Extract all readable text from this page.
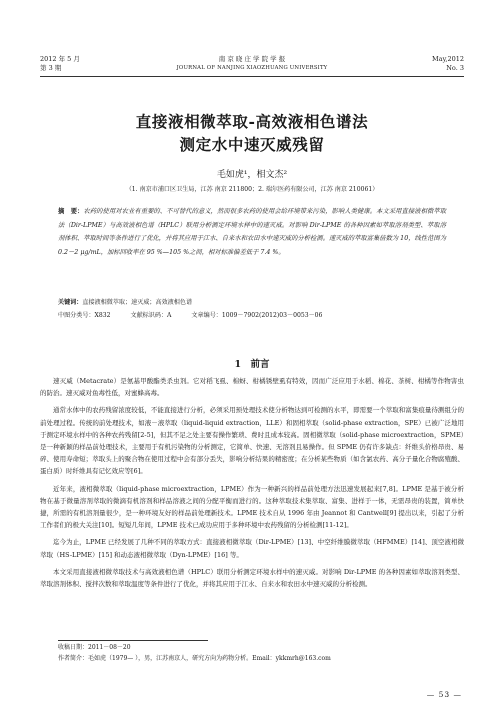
2012 年 5 月
第 3 期
南 京 晓 庄 学 院 学 报
JOURNAL OF NANJING XIAOZHUANG UNIVERSITY
May,2012
No. 3
直接液相微萃取-高效液相色谱法
测定水中速灭威残留
毛如虎¹，相文杰²
（1. 南京市浦口区卫生局，江苏 南京 211800；2. 瑞尔医药有限公司，江苏 南京 210061）
摘　要：农药的使用对农业有重要的、不可替代的意义，然而很多农药的使用会给环境带来污染，影响人类健康。本文采用直接液相微萃取法（Dir-LPME）与高效液相色谱（HPLC）联用分析测定环境水样中的速灭威。对影响 Dir-LPME 的各种因素如萃取溶剂类型、萃取溶剂体积、萃取时间等条件进行了优化，并将其应用于江水、自来水和农田水中速灭威的分析检测。速灭威的萃取富集倍数为 10，线性范围为 0.2－2 μg/mL，加标回收率在 95 %—105 %之间，相对标准偏差低于 7.4 %。
关键词：直接液相微萃取；速灭威；高效液相色谱
中图分类号：X832	文献标识码：A	文章编号：1009－7902(2012)03－0053－06
1　前言

速灭威（Metacrate）是氨基甲酸酯类杀虫剂。它对稻飞虱、棉蚜、柑橘锈壁虱有特效，因而广泛应用于水稻、棉花、茶树、柑橘等作物害虫的防治。速灭威对鱼毒性低，对蜜蜂高毒。

通常水体中的农药残留浓度较低，不能直接进行分析，必须采用预处理技术使分析物达到可检测的水平，即需要一个萃取和富集痕量待测组分的前处理过程。传统的前处理技术，如液－液萃取（liquid-liquid extraction，LLE）和固相萃取（solid-phase extraction，SPE）已被广泛地用于测定环境水样中的各种农药残留[2-5]，但其不足之处主要有操作繁琐、费时且成本较高。固相微萃取（solid-phase microextraction，SPME）是一种新颖的样品前处理技术，主要用于有机污染物的分析测定，它简单、快速、无溶剂且易操作。但 SPME 仍有许多缺点：纤维头价格昂贵、易碎、使用寿命短；萃取头上的聚合物在使用过程中会有部分丢失，影响分析结果的精密度；在分析某些物质（如含氯农药、高分子量化合物腐殖酸、蛋白质）时纤维具有记忆效应等[6]。

近年来，液相微萃取（liquid-phase microextraction，LPME）作为一种新兴的样品前处理方法迅速发展起来[7,8]。LPME 是基于被分析物在基于微量溶剂萃取的微滴有机溶剂和样品溶液之间的分配平衡而进行的。这种萃取技术集萃取、富集、进样于一体，无需昂贵的装置，简单快捷，所需的有机溶剂量很少，是一种环境友好的样品前处理新技术。LPME 技术自从 1996 年由 Jeannot 和 Cantwell[9] 提出以来，引起了分析工作者们的极大关注[10]。短短几年间，LPME 技术已成功应用于多种环境中农药残留的分析检测[11-12]。

迄今为止，LPME 已经发展了几种不同的萃取方式：直接液相微萃取（Dir-LPME）[13]、中空纤维膜微萃取（HFMME）[14]、顶空液相微萃取（HS-LPME）[15] 和动态液相微萃取（Dyn-LPME）[16] 等。

本文采用直接液相微萃取技术与高效液相色谱（HPLC）联用分析测定环境水样中的速灭威。对影响 Dir-LPME 的各种因素如萃取溶剂类型、萃取溶剂体积、搅拌次数和萃取温度等条件进行了优化，并将其应用于江水、自来水和农田水中速灭威的分析检测。

收稿日期：2011－08－20
作者简介：毛如虎（1979— ），男，江苏南京人，研究方向为药物分析。Email：ykkmrh@163.com
— 53 —
